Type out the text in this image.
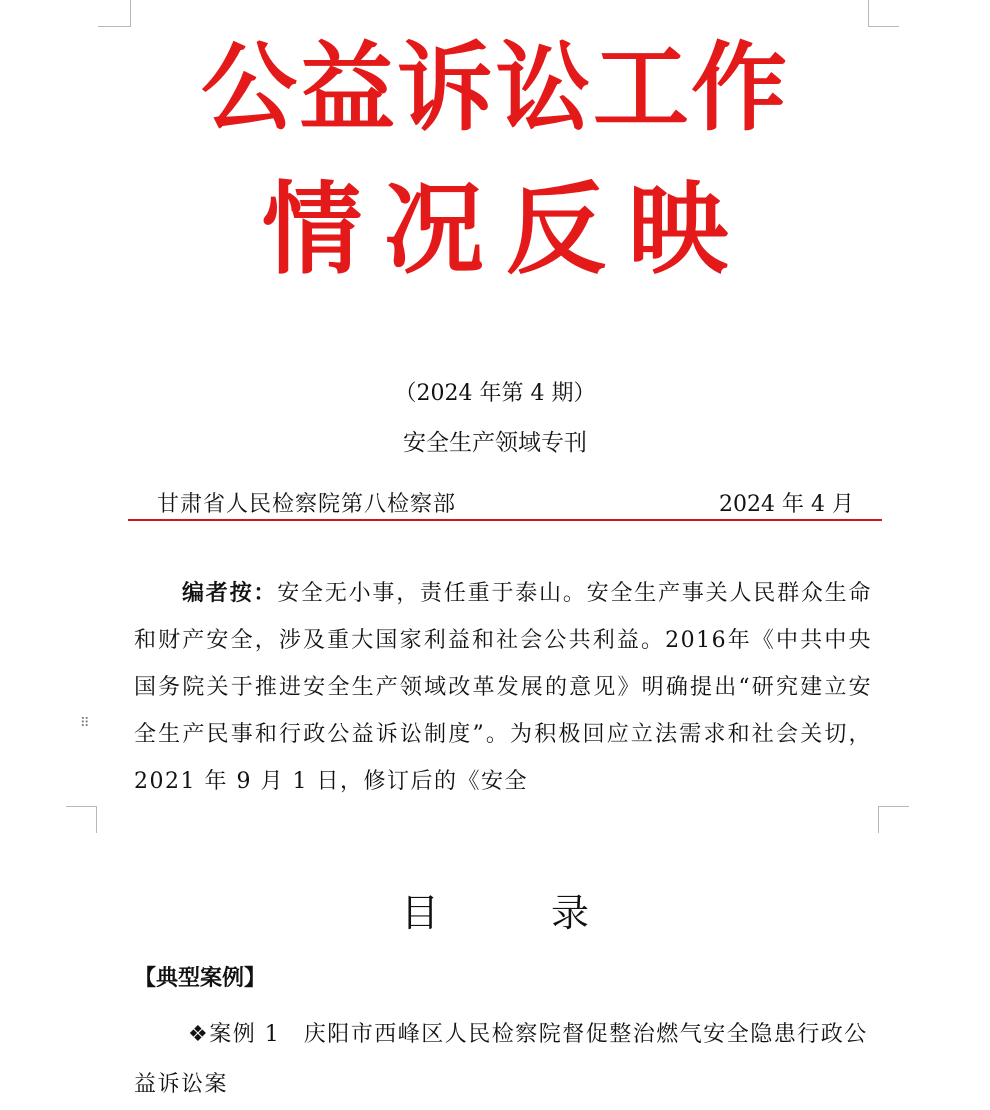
公益诉讼工作
情况反映
（2024 年第 4 期）
安全生产领域专刊
甘肃省人民检察院第八检察部	2024 年 4 月
⠿

编者按：安全无小事，责任重于泰山。安全生产事关人民群众生命和财产安全，涉及重大国家利益和社会公共利益。2016年《中共中央国务院关于推进安全生产领域改革发展的意见》明确提出“研究建立安全生产民事和行政公益诉讼制度”。为积极回应立法需求和社会关切，2021 年 9 月 1 日，修订后的《安全

目 录
【典型案例】

❖案例 1　庆阳市西峰区人民检察院督促整治燃气安全隐患行政公益诉讼案
